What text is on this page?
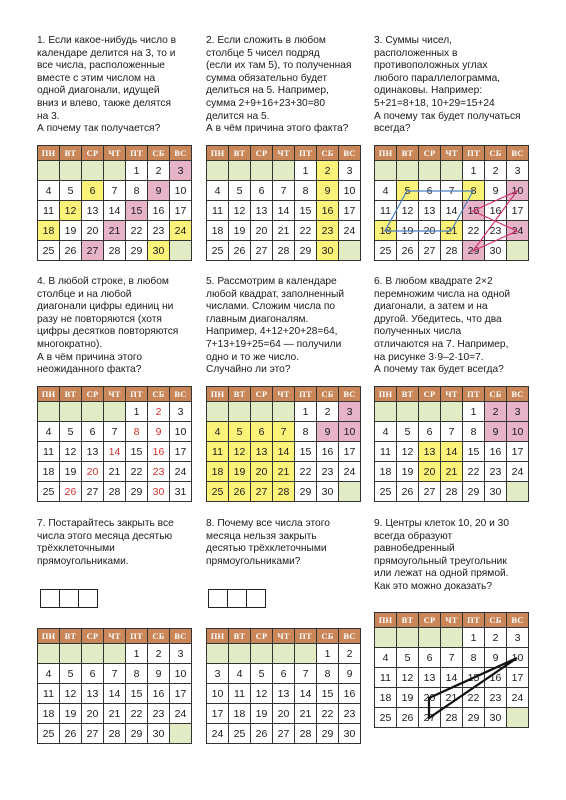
1. Если какое-нибудь число в
календаре делится на 3, то и
все числа, расположенные
вместе с этим числом на
одной диагонали, идущей
вниз и влево, также делятся
на 3.
А почему так получается?
2. Если сложить в любом
столбце 5 чисел подряд
(если их там 5), то полученная
сумма обязательно будет
делиться на 5. Например,
сумма 2+9+16+23+30=80
делится на 5.
А в чём причина этого факта?
3. Суммы чисел,
расположенных в
противоположных углах
любого параллелограмма,
одинаковы. Например:
5+21=8+18, 10+29=15+24
А почему так будет получаться
всегда?
4. В любой строке, в любом
столбце и на любой
диагонали цифры единиц ни
разу не повторяются (хотя
цифры десятков повторяются
многократно).
А в чём причина этого
неожиданного факта?
5. Рассмотрим в календаре
любой квадрат, заполненный
числами. Сложим числа по
главным диагоналям.
Например, 4+12+20+28=64,
7+13+19+25=64 — получили
одно и то же число.
Случайно ли это?
6. В любом квадрате 2×2
перемножим числа на одной
диагонали, а затем и на
другой. Убедитесь, что два
полученных числа
отличаются на 7. Например,
на рисунке 3·9–2·10=7.
А почему так будет всегда?
7. Постарайтесь закрыть все
числа этого месяца десятью
трёхклеточными
прямоугольниками.
8. Почему все числа этого
месяца нельзя закрыть
десятью трёхклеточными
прямоугольниками?
9. Центры клеток 10, 20 и 30
всегда образуют
равнобедренный
прямоугольный треугольник
или лежат на одной прямой.
Как это можно доказать?
ПН	ВТ	СР	ЧТ	ПТ	СБ	ВС
				1	2	3
4	5	6	7	8	9	10
11	12	13	14	15	16	17
18	19	20	21	22	23	24
25	26	27	28	29	30	
ПН	ВТ	СР	ЧТ	ПТ	СБ	ВС
				1	2	3
4	5	6	7	8	9	10
11	12	13	14	15	16	17
18	19	20	21	22	23	24
25	26	27	28	29	30	
ПН	ВТ	СР	ЧТ	ПТ	СБ	ВС
				1	2	3
4	5	6	7	8	9	10
11	12	13	14	15	16	17
18	19	20	21	22	23	24
25	26	27	28	29	30	
ПН	ВТ	СР	ЧТ	ПТ	СБ	ВС
				1	2	3
4	5	6	7	8	9	10
11	12	13	14	15	16	17
18	19	20	21	22	23	24
25	26	27	28	29	30	31
ПН	ВТ	СР	ЧТ	ПТ	СБ	ВС
				1	2	3
4	5	6	7	8	9	10
11	12	13	14	15	16	17
18	19	20	21	22	23	24
25	26	27	28	29	30	
ПН	ВТ	СР	ЧТ	ПТ	СБ	ВС
				1	2	3
4	5	6	7	8	9	10
11	12	13	14	15	16	17
18	19	20	21	22	23	24
25	26	27	28	29	30	
ПН	ВТ	СР	ЧТ	ПТ	СБ	ВС
				1	2	3
4	5	6	7	8	9	10
11	12	13	14	15	16	17
18	19	20	21	22	23	24
25	26	27	28	29	30	
ПН	ВТ	СР	ЧТ	ПТ	СБ	ВС
					1	2
3	4	5	6	7	8	9
10	11	12	13	14	15	16
17	18	19	20	21	22	23
24	25	26	27	28	29	30
ПН	ВТ	СР	ЧТ	ПТ	СБ	ВС
				1	2	3
4	5	6	7	8	9	10
11	12	13	14	15	16	17
18	19	20	21	22	23	24
25	26	27	28	29	30	
